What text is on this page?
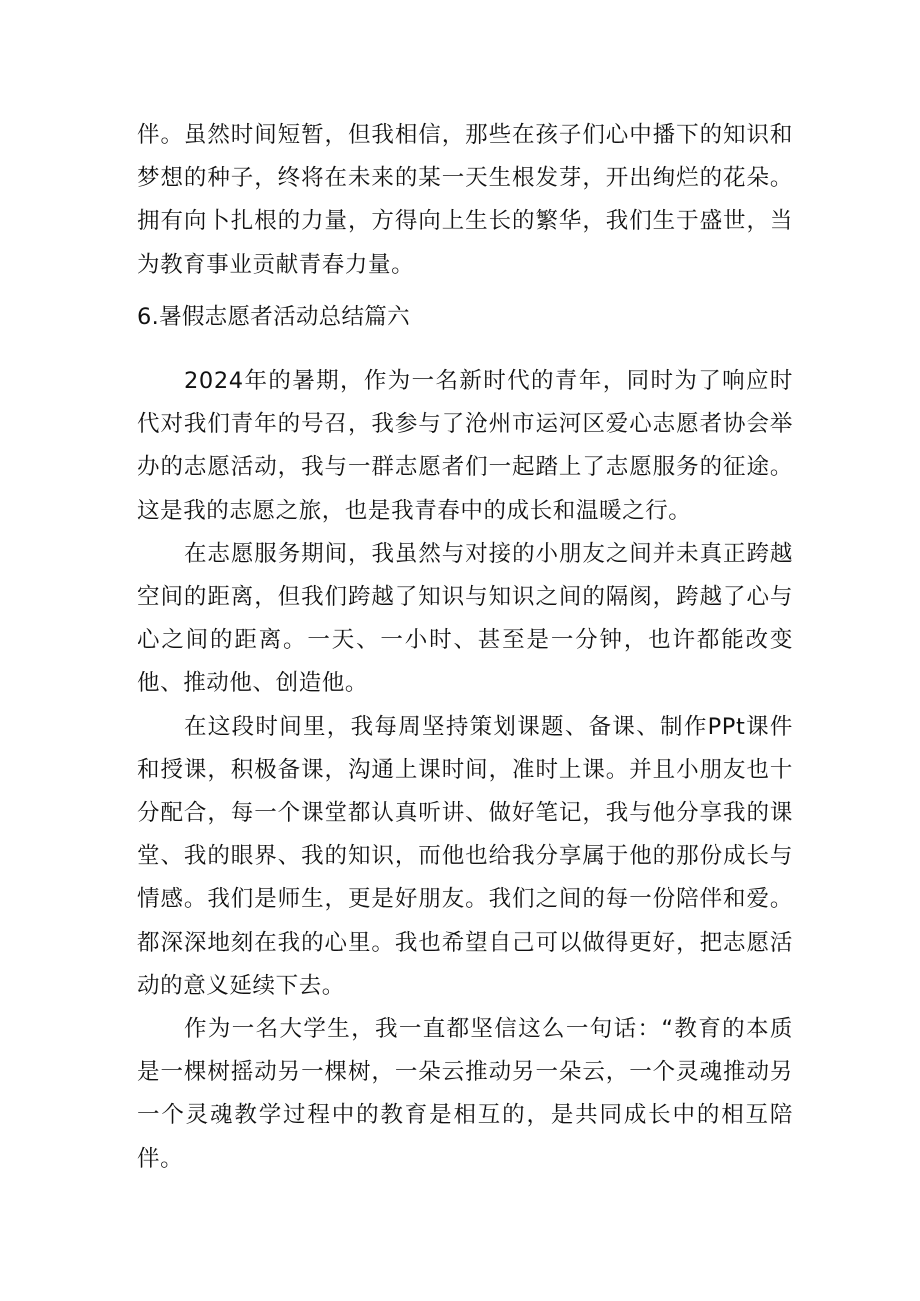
伴。虽然时间短暂，但我相信，那些在孩子们心中播下的知识和梦想的种子，终将在未来的某一天生根发芽，开出绚烂的花朵。拥有向卜扎根的力量，方得向上生长的繁华，我们生于盛世，当为教育事业贡献青春力量。

6.暑假志愿者活动总结篇六

2024年的暑期，作为一名新时代的青年，同时为了响应时代对我们青年的号召，我参与了沧州市运河区爱心志愿者协会举办的志愿活动，我与一群志愿者们一起踏上了志愿服务的征途。这是我的志愿之旅，也是我青春中的成长和温暖之行。

在志愿服务期间，我虽然与对接的小朋友之间并未真正跨越空间的距离，但我们跨越了知识与知识之间的隔阂，跨越了心与心之间的距离。一天、一小时、甚至是一分钟，也许都能改变他、推动他、创造他。

在这段时间里，我每周坚持策划课题、备课、制作PPt课件和授课，积极备课，沟通上课时间，准时上课。并且小朋友也十分配合，每一个课堂都认真听讲、做好笔记，我与他分享我的课堂、我的眼界、我的知识，而他也给我分享属于他的那份成长与情感。我们是师生，更是好朋友。我们之间的每一份陪伴和爱。都深深地刻在我的心里。我也希望自己可以做得更好，把志愿活动的意义延续下去。

作为一名大学生，我一直都坚信这么一句话：“教育的本质是一棵树摇动另一棵树，一朵云推动另一朵云，一个灵魂推动另一个灵魂教学过程中的教育是相互的，是共同成长中的相互陪伴。
